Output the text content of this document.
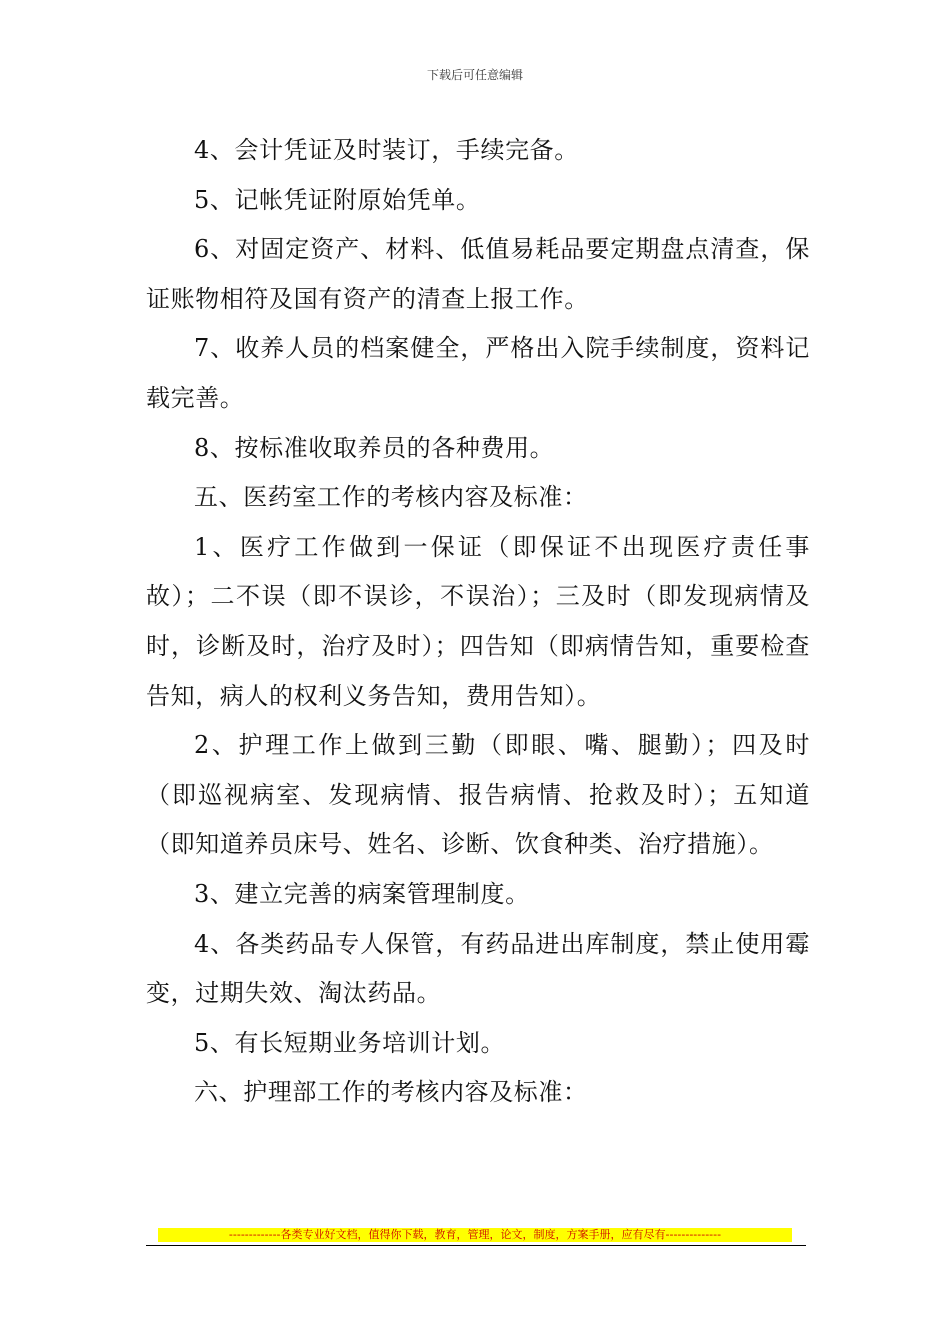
下载后可任意编辑

4、会计凭证及时装订，手续完备。

5、记帐凭证附原始凭单。

6、对固定资产、材料、低值易耗品要定期盘点清查，保证账物相符及国有资产的清查上报工作。

7、收养人员的档案健全，严格出入院手续制度，资料记载完善。

8、按标准收取养员的各种费用。

五、医药室工作的考核内容及标准：

1、医疗工作做到一保证（即保证不出现医疗责任事故）；二不误（即不误诊，不误治）；三及时（即发现病情及时，诊断及时，治疗及时）；四告知（即病情告知，重要检查告知，病人的权利义务告知，费用告知）。

2、护理工作上做到三勤（即眼、嘴、腿勤）；四及时（即巡视病室、发现病情、报告病情、抢救及时）；五知道（即知道养员床号、姓名、诊断、饮食种类、治疗措施）。

3、建立完善的病案管理制度。

4、各类药品专人保管，有药品进出库制度，禁止使用霉变，过期失效、淘汰药品。

5、有长短期业务培训计划。

六、护理部工作的考核内容及标准：

-------------各类专业好文档，值得你下载，教育，管理，论文，制度，方案手册，应有尽有--------------
